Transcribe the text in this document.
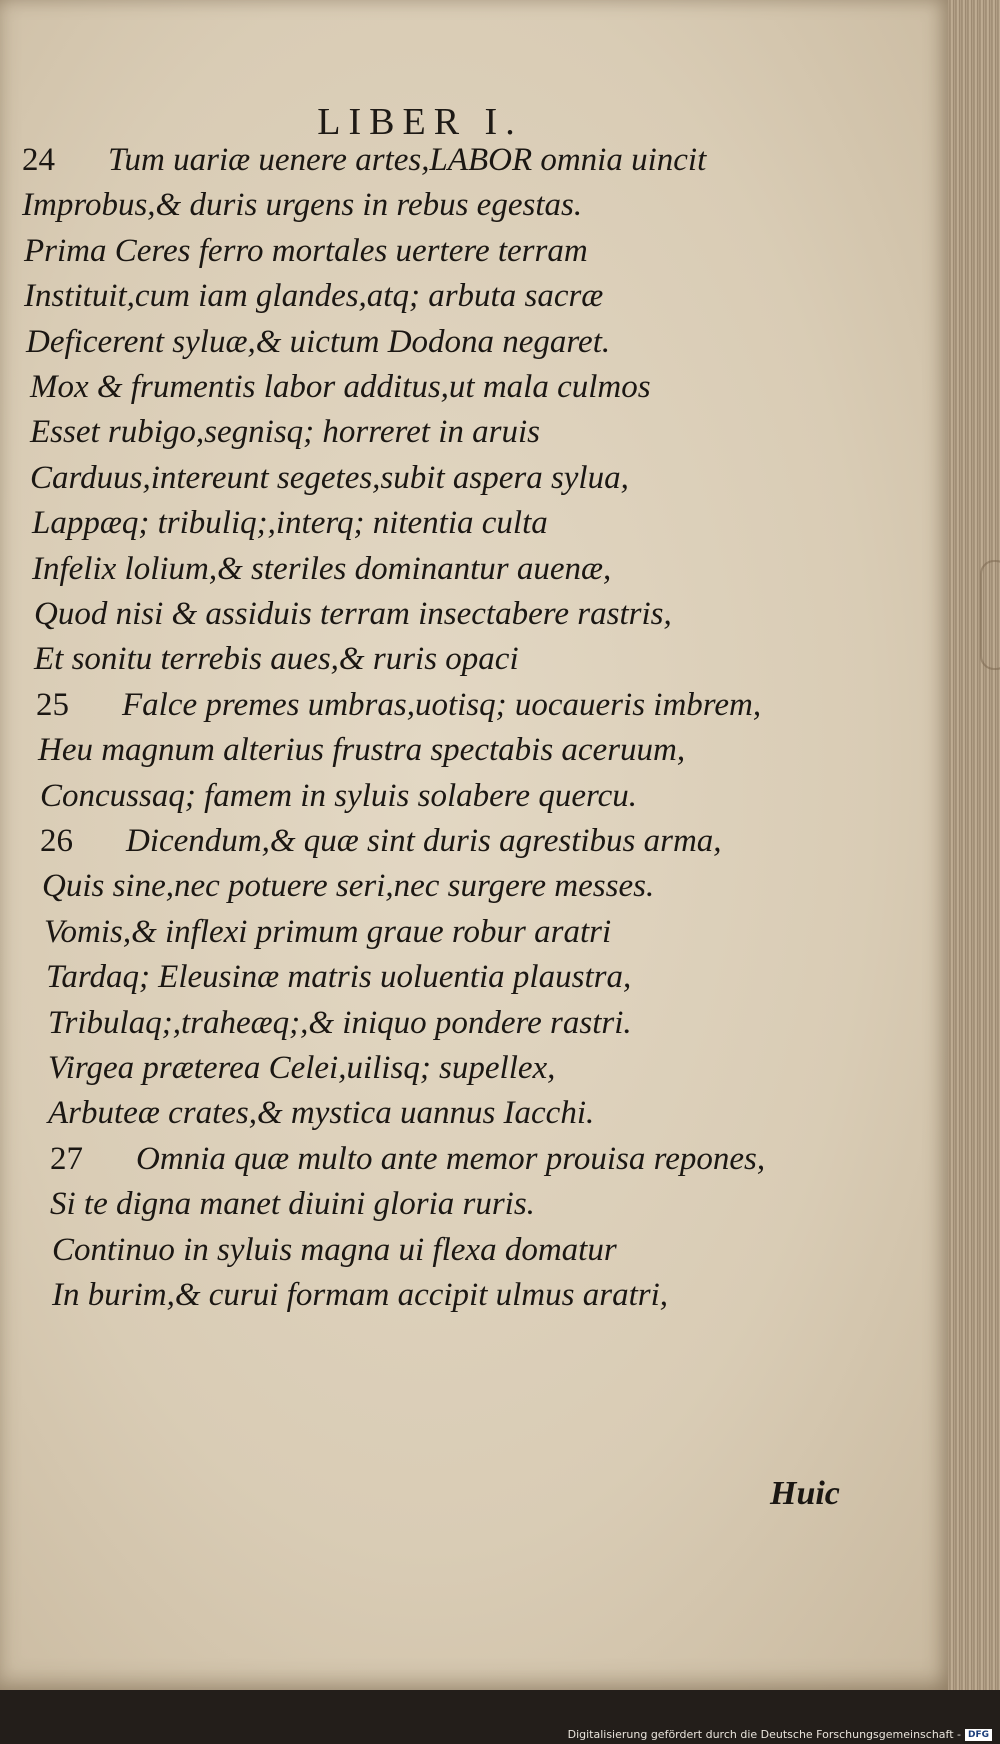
LIBER I.
24 Tum uariæ uenere artes,LABOR omnia uincit
Improbus,& duris urgens in rebus egestas.
Prima Ceres ferro mortales uertere terram
Instituit,cum iam glandes,atq; arbuta sacræ
Deficerent syluæ,& uictum Dodona negaret.
Mox & frumentis labor additus,ut mala culmos
Esset rubigo,segnisq; horreret in aruis
Carduus,intereunt segetes,subit aspera sylua,
Lappæq; tribuliq;,interq; nitentia culta
Infelix lolium,& steriles dominantur auenæ,
Quod nisi & assiduis terram insectabere rastris,
Et sonitu terrebis aues,& ruris opaci
25 Falce premes umbras,uotisq; uocaueris imbrem,
Heu magnum alterius frustra spectabis aceruum,
Concussaq; famem in syluis solabere quercu.
26 Dicendum,& quæ sint duris agrestibus arma,
Quis sine,nec potuere seri,nec surgere messes.
Vomis,& inflexi primum graue robur aratri
Tardaq; Eleusinæ matris uoluentia plaustra,
Tribulaq;,traheæq;,& iniquo pondere rastri.
Virgea præterea Celei,uilisq; supellex,
Arbuteæ crates,& mystica uannus Iacchi.
27 Omnia quæ multo ante memor prouisa repones,
Si te digna manet diuini gloria ruris.
Continuo in syluis magna ui flexa domatur
In burim,& curui formam accipit ulmus aratri,
Huic
Digitalisierung gefördert durch die Deutsche Forschungsgemeinschaft - DFG
